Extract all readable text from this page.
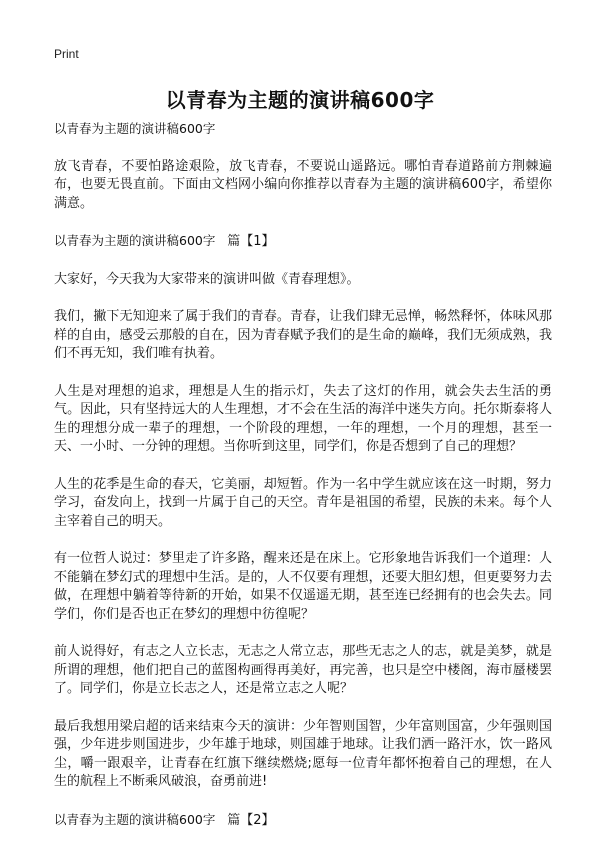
Print
以青春为主题的演讲稿600字

以青春为主题的演讲稿600字

放飞青春，不要怕路途艰险，放飞青春，不要说山遥路远。哪怕青春道路前方荆棘遍布，也要无畏直前。下面由文档网小编向你推荐以青春为主题的演讲稿600字，希望你满意。

以青春为主题的演讲稿600字 篇【1】

大家好，今天我为大家带来的演讲叫做《青春理想》。

我们，撇下无知迎来了属于我们的青春。青春，让我们肆无忌惮，畅然释怀，体味风那样的自由，感受云那般的自在，因为青春赋予我们的是生命的巅峰，我们无须成熟，我们不再无知，我们唯有执着。

人生是对理想的追求，理想是人生的指示灯，失去了这灯的作用，就会失去生活的勇气。因此，只有坚持远大的人生理想，才不会在生活的海洋中迷失方向。托尔斯泰将人生的理想分成一辈子的理想，一个阶段的理想，一年的理想，一个月的理想，甚至一天、一小时、一分钟的理想。当你听到这里，同学们，你是否想到了自己的理想？

人生的花季是生命的春天，它美丽，却短暂。作为一名中学生就应该在这一时期，努力学习，奋发向上，找到一片属于自己的天空。青年是祖国的希望，民族的未来。每个人主宰着自己的明天。

有一位哲人说过：梦里走了许多路，醒来还是在床上。它形象地告诉我们一个道理：人不能躺在梦幻式的理想中生活。是的，人不仅要有理想，还要大胆幻想，但更要努力去做，在理想中躺着等待新的开始，如果不仅遥遥无期，甚至连已经拥有的也会失去。同学们，你们是否也正在梦幻的理想中彷徨呢？

前人说得好，有志之人立长志，无志之人常立志，那些无志之人的志，就是美梦，就是所谓的理想，他们把自己的蓝图构画得再美好，再完善，也只是空中楼阁，海市蜃楼罢了。同学们，你是立长志之人，还是常立志之人呢？

最后我想用梁启超的话来结束今天的演讲：少年智则国智，少年富则国富，少年强则国强，少年进步则国进步，少年雄于地球，则国雄于地球。让我们洒一路汗水，饮一路风尘，嚼一跟艰辛，让青春在红旗下继续燃烧;愿每一位青年都怀抱着自己的理想，在人生的航程上不断乘风破浪，奋勇前进!

以青春为主题的演讲稿600字 篇【2】
